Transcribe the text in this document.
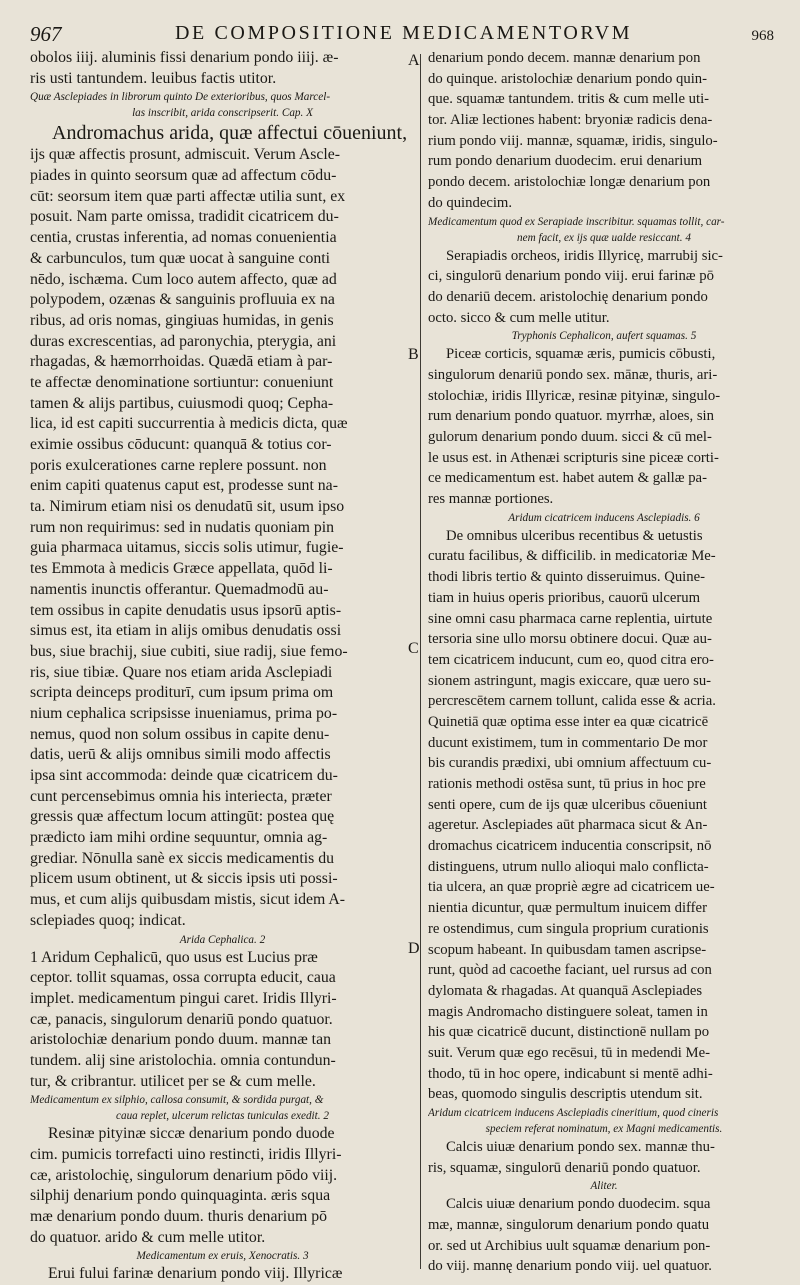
967	DE COMPOSITIONE MEDICAMENTORVM	968
A
B
C
D
obolos iiij. aluminis fissi denarium pondo iiij. æ-
ris usti tantundem. leuibus factis utitor.
Quæ Asclepiades in librorum quinto De exterioribus, quos Marcel-
las inscribit, arida conscripserit. Cap. X
Andromachus arida, quæ affectui cōueniunt,
ijs quæ affectis prosunt, admiscuit. Verum Ascle-
piades in quinto seorsum quæ ad affectum cōdu-
cūt: seorsum item quæ parti affectæ utilia sunt, ex
posuit. Nam parte omissa, tradidit cicatricem du-
centia, crustas inferentia, ad nomas conuenientia
& carbunculos, tum quæ uocat à sanguine conti
nēdo, ischæma. Cum loco autem affecto, quæ ad
polypodem, ozænas & sanguinis profluuia ex na
ribus, ad oris nomas, gingiuas humidas, in genis
duras excrescentias, ad paronychia, pterygia, ani
rhagadas, & hæmorrhoidas. Quædā etiam à par-
te affectæ denominatione sortiuntur: conueniunt
tamen & alijs partibus, cuiusmodi quoq; Cepha-
lica, id est capiti succurrentia à medicis dicta, quæ
eximie ossibus cōducunt: quanquā & totius cor-
poris exulcerationes carne replere possunt. non
enim capiti quatenus caput est, prodesse sunt na-
ta. Nimirum etiam nisi os denudatū sit, usum ipso
rum non requirimus: sed in nudatis quoniam pin
guia pharmaca uitamus, siccis solis utimur, fugie-
tes Emmota à medicis Græce appellata, quōd li-
namentis inunctis offerantur. Quemadmodū au-
tem ossibus in capite denudatis usus ipsorū aptis-
simus est, ita etiam in alijs omibus denudatis ossi
bus, siue brachij, siue cubiti, siue radij, siue femo-
ris, siue tibiæ. Quare nos etiam arida Asclepiadi
scripta deinceps proditurī, cum ipsum prima om
nium cephalica scripsisse inueniamus, prima po-
nemus, quod non solum ossibus in capite denu-
datis, uerū & alijs omnibus simili modo affectis
ipsa sint accommoda: deinde quæ cicatricem du-
cunt percensebimus omnia his interiecta, præter
gressis quæ affectum locum attingūt: postea quę
prædicto iam mihi ordine sequuntur, omnia ag-
grediar. Nōnulla sanè ex siccis medicamentis du
plicem usum obtinent, ut & siccis ipsis uti possi-
mus, et cum alijs quibusdam mistis, sicut idem A-
sclepiades quoq; indicat.
Arida Cephalica. 2
1 Aridum Cephalicū, quo usus est Lucius præ
ceptor. tollit squamas, ossa corrupta educit, caua
implet. medicamentum pingui caret. Iridis Illyri-
cæ, panacis, singulorum denariū pondo quatuor.
aristolochiæ denarium pondo duum. mannæ tan
tundem. alij sine aristolochia. omnia contundun-
tur, & cribrantur. utilicet per se & cum melle.
Medicamentum ex silphio, callosa consumit, & sordida purgat, &
caua replet, ulcerum relictas tuniculas exedit. 2
Resinæ pityinæ siccæ denarium pondo duode
cim. pumicis torrefacti uino restincti, iridis Illyri-
cæ, aristolochię, singulorum denarium pōdo viij.
silphij denarium pondo quinquaginta. æris squa
mæ denarium pondo duum. thuris denarium pō
do quatuor. arido & cum melle utitor.
Medicamentum ex eruis, Xenocratis. 3
Erui fului farinæ denarium pondo viij. Illyricæ
denarium pondo decem. mannæ denarium pon
do quinque. aristolochiæ denarium pondo quin-
que. squamæ tantundem. tritis & cum melle uti-
tor. Aliæ lectiones habent: bryoniæ radicis dena-
rium pondo viij. mannæ, squamæ, iridis, singulo-
rum pondo denarium duodecim. erui denarium
pondo decem. aristolochiæ longæ denarium pon
do quindecim.
Medicamentum quod ex Serapiade inscribitur. squamas tollit, car-
nem facit, ex ijs quæ ualde resiccant. 4
Serapiadis orcheos, iridis Illyricę, marrubij sic-
ci, singulorū denarium pondo viij. erui farinæ pō
do denariū decem. aristolochię denarium pondo
octo. sicco & cum melle utitur.
Tryphonis Cephalicon, aufert squamas. 5
Piceæ corticis, squamæ æris, pumicis cōbusti,
singulorum denariū pondo sex. mānæ, thuris, ari-
stolochiæ, iridis Illyricæ, resinæ pityinæ, singulo-
rum denarium pondo quatuor. myrrhæ, aloes, sin
gulorum denarium pondo duum. sicci & cū mel-
le usus est. in Athenæi scripturis sine piceæ corti-
ce medicamentum est. habet autem & gallæ pa-
res mannæ portiones.
Aridum cicatricem inducens Asclepiadis. 6
De omnibus ulceribus recentibus & uetustis
curatu facilibus, & difficilib. in medicatoriæ Me-
thodi libris tertio & quinto disseruimus. Quine-
tiam in huius operis prioribus, cauorū ulcerum
sine omni casu pharmaca carne replentia, uirtute
tersoria sine ullo morsu obtinere docui. Quæ au-
tem cicatricem inducunt, cum eo, quod citra ero-
sionem astringunt, magis exiccare, quæ uero su-
percrescētem carnem tollunt, calida esse & acria.
Quinetiā quæ optima esse inter ea quæ cicatricē
ducunt existimem, tum in commentario De mor
bis curandis prædixi, ubi omnium affectuum cu-
rationis methodi ostēsa sunt, tū prius in hoc pre
senti opere, cum de ijs quæ ulceribus cōueniunt
ageretur. Asclepiades aūt pharmaca sicut & An-
dromachus cicatricem inducentia conscripsit, nō
distinguens, utrum nullo alioqui malo conflicta-
tia ulcera, an quæ propriè ægre ad cicatricem ue-
nientia dicuntur, quæ permultum inuicem differ
re ostendimus, cum singula proprium curationis
scopum habeant. In quibusdam tamen ascripse-
runt, quòd ad cacoethe faciant, uel rursus ad con
dylomata & rhagadas. At quanquā Asclepiades
magis Andromacho distinguere soleat, tamen in
his quæ cicatricē ducunt, distinctionē nullam po
suit. Verum quæ ego recēsui, tū in medendi Me-
thodo, tū in hoc opere, indicabunt si mentē adhi-
beas, quomodo singulis descriptis utendum sit.
Aridum cicatricem inducens Asclepiadis cineritium, quod cineris
speciem referat nominatum, ex Magni medicamentis.
Calcis uiuæ denarium pondo sex. mannæ thu-
ris, squamæ, singulorū denariū pondo quatuor.
Aliter.
Calcis uiuæ denarium pondo duodecim. squa
mæ, mannæ, singulorum denarium pondo quatu
or. sed ut Archibius uult squamæ denarium pon-
do viij. mannę denarium pondo viij. uel quatuor.
